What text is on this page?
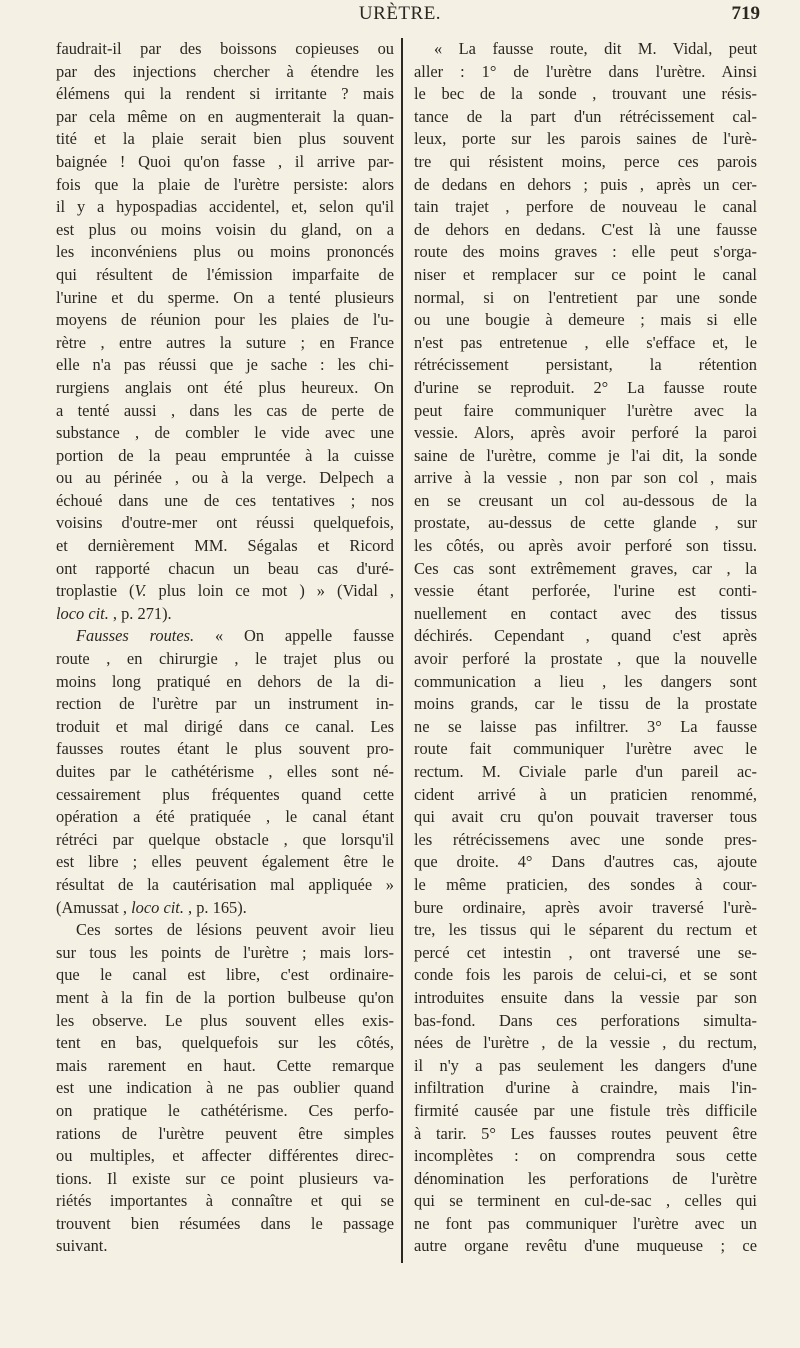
URÈTRE.	719
faudrait-il par des boissons copieuses ou
par des injections chercher à étendre les
élémens qui la rendent si irritante ? mais
par cela même on en augmenterait la quan-
tité et la plaie serait bien plus souvent
baignée ! Quoi qu'on fasse , il arrive par-
fois que la plaie de l'urètre persiste: alors
il y a hypospadias accidentel, et, selon qu'il
est plus ou moins voisin du gland, on a
les inconvéniens plus ou moins prononcés
qui résultent de l'émission imparfaite de
l'urine et du sperme. On a tenté plusieurs
moyens de réunion pour les plaies de l'u-
rètre , entre autres la suture ; en France
elle n'a pas réussi que je sache : les chi-
rurgiens anglais ont été plus heureux. On
a tenté aussi , dans les cas de perte de
substance , de combler le vide avec une
portion de la peau empruntée à la cuisse
ou au périnée , ou à la verge. Delpech a
échoué dans une de ces tentatives ; nos
voisins d'outre-mer ont réussi quelquefois,
et dernièrement MM. Ségalas et Ricord
ont rapporté chacun un beau cas d'uré-
troplastie (V. plus loin ce mot ) » (Vidal ,
loco cit. , p. 271).
Fausses routes. « On appelle fausse
route , en chirurgie , le trajet plus ou
moins long pratiqué en dehors de la di-
rection de l'urètre par un instrument in-
troduit et mal dirigé dans ce canal. Les
fausses routes étant le plus souvent pro-
duites par le cathétérisme , elles sont né-
cessairement plus fréquentes quand cette
opération a été pratiquée , le canal étant
rétréci par quelque obstacle , que lorsqu'il
est libre ; elles peuvent également être le
résultat de la cautérisation mal appliquée »
(Amussat , loco cit. , p. 165).
Ces sortes de lésions peuvent avoir lieu
sur tous les points de l'urètre ; mais lors-
que le canal est libre, c'est ordinaire-
ment à la fin de la portion bulbeuse qu'on
les observe. Le plus souvent elles exis-
tent en bas, quelquefois sur les côtés,
mais rarement en haut. Cette remarque
est une indication à ne pas oublier quand
on pratique le cathétérisme. Ces perfo-
rations de l'urètre peuvent être simples
ou multiples, et affecter différentes direc-
tions. Il existe sur ce point plusieurs va-
riétés importantes à connaître et qui se
trouvent bien résumées dans le passage
suivant.
« La fausse route, dit M. Vidal, peut
aller : 1° de l'urètre dans l'urètre. Ainsi
le bec de la sonde , trouvant une résis-
tance de la part d'un rétrécissement cal-
leux, porte sur les parois saines de l'urè-
tre qui résistent moins, perce ces parois
de dedans en dehors ; puis , après un cer-
tain trajet , perfore de nouveau le canal
de dehors en dedans. C'est là une fausse
route des moins graves : elle peut s'orga-
niser et remplacer sur ce point le canal
normal, si on l'entretient par une sonde
ou une bougie à demeure ; mais si elle
n'est pas entretenue , elle s'efface et, le
rétrécissement persistant, la rétention
d'urine se reproduit. 2° La fausse route
peut faire communiquer l'urètre avec la
vessie. Alors, après avoir perforé la paroi
saine de l'urètre, comme je l'ai dit, la sonde
arrive à la vessie , non par son col , mais
en se creusant un col au-dessous de la
prostate, au-dessus de cette glande , sur
les côtés, ou après avoir perforé son tissu.
Ces cas sont extrêmement graves, car , la
vessie étant perforée, l'urine est conti-
nuellement en contact avec des tissus
déchirés. Cependant , quand c'est après
avoir perforé la prostate , que la nouvelle
communication a lieu , les dangers sont
moins grands, car le tissu de la prostate
ne se laisse pas infiltrer. 3° La fausse
route fait communiquer l'urètre avec le
rectum. M. Civiale parle d'un pareil ac-
cident arrivé à un praticien renommé,
qui avait cru qu'on pouvait traverser tous
les rétrécissemens avec une sonde pres-
que droite. 4° Dans d'autres cas, ajoute
le même praticien, des sondes à cour-
bure ordinaire, après avoir traversé l'urè-
tre, les tissus qui le séparent du rectum et
percé cet intestin , ont traversé une se-
conde fois les parois de celui-ci, et se sont
introduites ensuite dans la vessie par son
bas-fond. Dans ces perforations simulta-
nées de l'urètre , de la vessie , du rectum,
il n'y a pas seulement les dangers d'une
infiltration d'urine à craindre, mais l'in-
firmité causée par une fistule très difficile
à tarir. 5° Les fausses routes peuvent être
incomplètes : on comprendra sous cette
dénomination les perforations de l'urètre
qui se terminent en cul-de-sac , celles qui
ne font pas communiquer l'urètre avec un
autre organe revêtu d'une muqueuse ; ce
